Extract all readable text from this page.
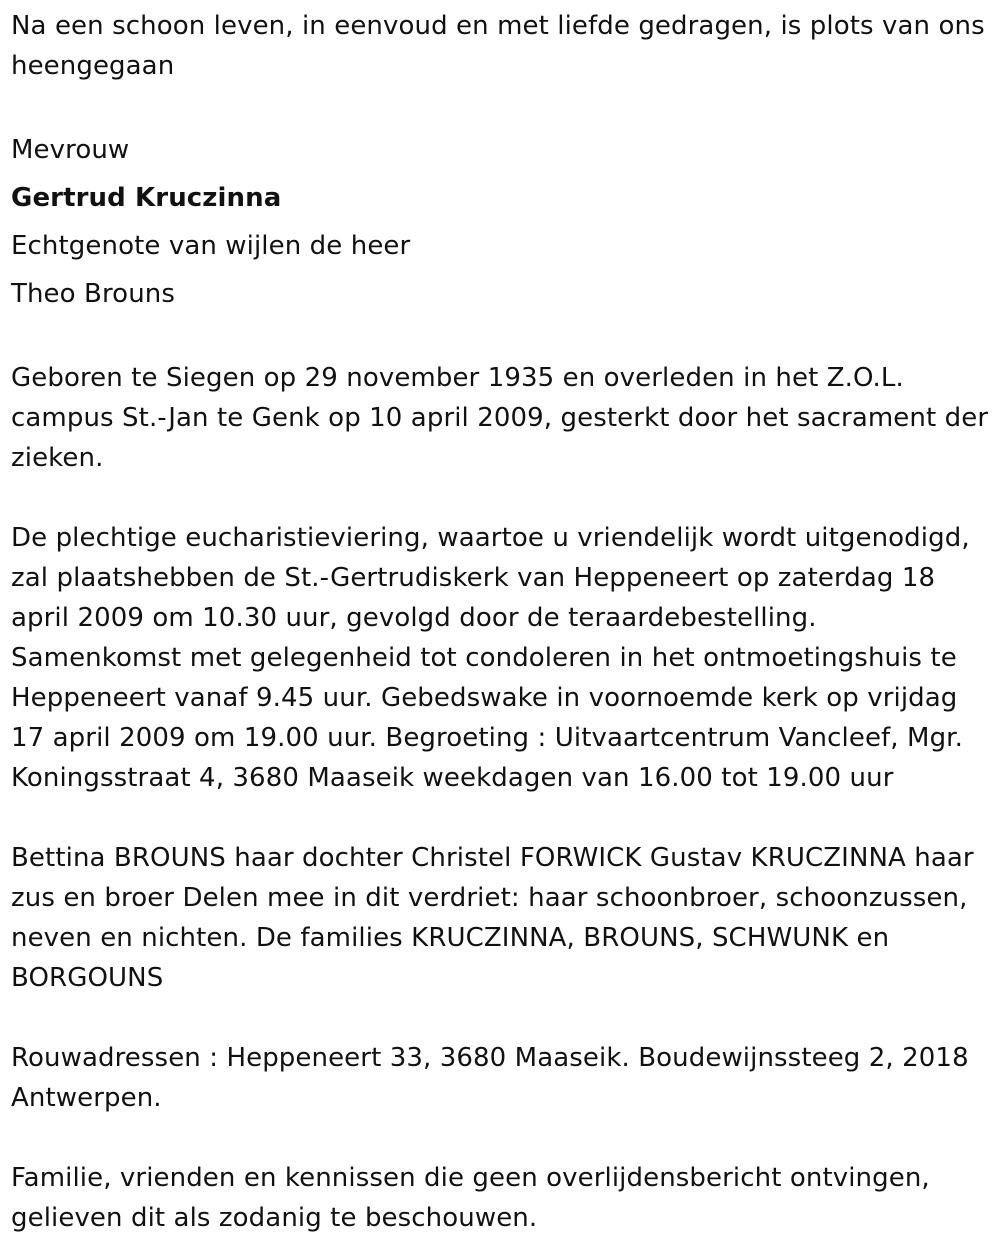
Na een schoon leven, in eenvoud en met liefde gedragen, is plots van ons heengegaan

Mevrouw

Gertrud Kruczinna

Echtgenote van wijlen de heer

Theo Brouns

Geboren te Siegen op 29 november 1935 en overleden in het Z.O.L. campus St.-Jan te Genk op 10 april 2009, gesterkt door het sacrament der zieken.

De plechtige eucharistieviering, waartoe u vriendelijk wordt uitgenodigd, zal plaatshebben de St.-Gertrudiskerk van Heppeneert op zaterdag 18 april 2009 om 10.30 uur, gevolgd door de teraardebestelling. Samenkomst met gelegenheid tot condoleren in het ontmoetingshuis te Heppeneert vanaf 9.45 uur. Gebedswake in voornoemde kerk op vrijdag 17 april 2009 om 19.00 uur. Begroeting : Uitvaartcentrum Vancleef, Mgr. Koningsstraat 4, 3680 Maaseik weekdagen van 16.00 tot 19.00 uur

Bettina BROUNS haar dochter Christel FORWICK Gustav KRUCZINNA haar zus en broer Delen mee in dit verdriet: haar schoonbroer, schoonzussen, neven en nichten. De families KRUCZINNA, BROUNS, SCHWUNK en BORGOUNS

Rouwadressen : Heppeneert 33, 3680 Maaseik. Boudewijnssteeg 2, 2018 Antwerpen.

Familie, vrienden en kennissen die geen overlijdensbericht ontvingen, gelieven dit als zodanig te beschouwen.
